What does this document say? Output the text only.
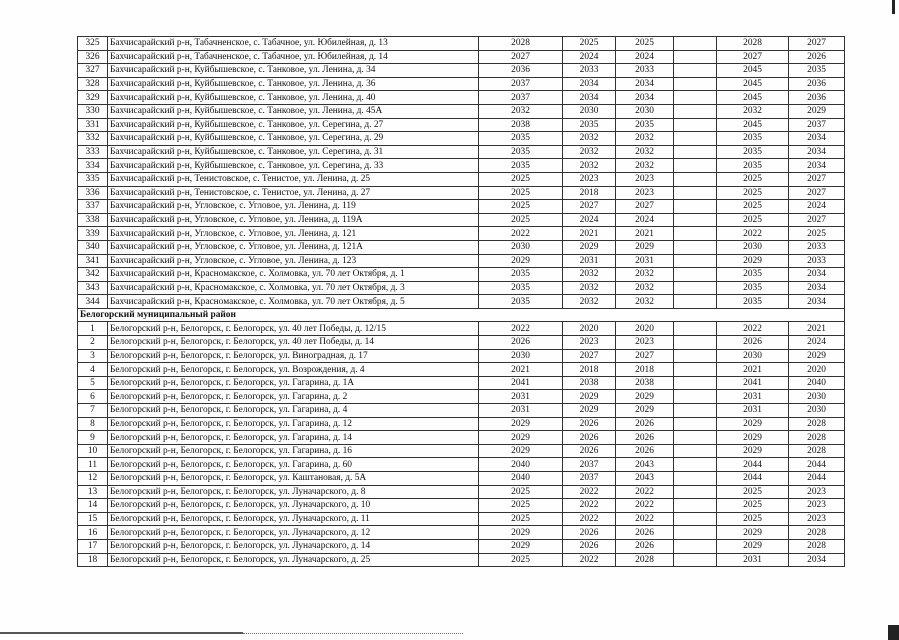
325	Бахчисарайский р-н, Табачненское, с. Табачное, ул. Юбилейная, д. 13	2028	2025	2025		2028	2027
326	Бахчисарайский р-н, Табачненское, с. Табачное, ул. Юбилейная, д. 14	2027	2024	2024		2027	2026
327	Бахчисарайский р-н, Куйбышевское, с. Танковое, ул. Ленина, д. 34	2036	2033	2033		2045	2035
328	Бахчисарайский р-н, Куйбышевское, с. Танковое, ул. Ленина, д. 36	2037	2034	2034		2045	2036
329	Бахчисарайский р-н, Куйбышевское, с. Танковое, ул. Ленина, д. 40	2037	2034	2034		2045	2036
330	Бахчисарайский р-н, Куйбышевское, с. Танковое, ул. Ленина, д. 45А	2032	2030	2030		2032	2029
331	Бахчисарайский р-н, Куйбышевское, с. Танковое, ул. Серегина, д. 27	2038	2035	2035		2045	2037
332	Бахчисарайский р-н, Куйбышевское, с. Танковое, ул. Серегина, д. 29	2035	2032	2032		2035	2034
333	Бахчисарайский р-н, Куйбышевское, с. Танковое, ул. Серегина, д. 31	2035	2032	2032		2035	2034
334	Бахчисарайский р-н, Куйбышевское, с. Танковое, ул. Серегина, д. 33	2035	2032	2032		2035	2034
335	Бахчисарайский р-н, Тенистовское, с. Тенистое, ул. Ленина, д. 25	2025	2023	2023		2025	2027
336	Бахчисарайский р-н, Тенистовское, с. Тенистое, ул. Ленина, д. 27	2025	2018	2023		2025	2027
337	Бахчисарайский р-н, Угловское, с. Угловое, ул. Ленина, д. 119	2025	2027	2027		2025	2024
338	Бахчисарайский р-н, Угловское, с. Угловое, ул. Ленина, д. 119А	2025	2024	2024		2025	2027
339	Бахчисарайский р-н, Угловское, с. Угловое, ул. Ленина, д. 121	2022	2021	2021		2022	2025
340	Бахчисарайский р-н, Угловское, с. Угловое, ул. Ленина, д. 121А	2030	2029	2029		2030	2033
341	Бахчисарайский р-н, Угловское, с. Угловое, ул. Ленина, д. 123	2029	2031	2031		2029	2033
342	Бахчисарайский р-н, Красномакское, с. Холмовка, ул. 70 лет Октября, д. 1	2035	2032	2032		2035	2034
343	Бахчисарайский р-н, Красномакское, с. Холмовка, ул. 70 лет Октября, д. 3	2035	2032	2032		2035	2034
344	Бахчисарайский р-н, Красномакское, с. Холмовка, ул. 70 лет Октября, д. 5	2035	2032	2032		2035	2034
Белогорский муниципальный район							
1	Белогорский р-н, Белогорск, г. Белогорск, ул. 40 лет Победы, д. 12/15	2022	2020	2020		2022	2021
2	Белогорский р-н, Белогорск, г. Белогорск, ул. 40 лет Победы, д. 14	2026	2023	2023		2026	2024
3	Белогорский р-н, Белогорск, г. Белогорск, ул. Виноградная, д. 17	2030	2027	2027		2030	2029
4	Белогорский р-н, Белогорск, г. Белогорск, ул. Возрождения, д. 4	2021	2018	2018		2021	2020
5	Белогорский р-н, Белогорск, г. Белогорск, ул. Гагарина, д. 1А	2041	2038	2038		2041	2040
6	Белогорский р-н, Белогорск, г. Белогорск, ул. Гагарина, д. 2	2031	2029	2029		2031	2030
7	Белогорский р-н, Белогорск, г. Белогорск, ул. Гагарина, д. 4	2031	2029	2029		2031	2030
8	Белогорский р-н, Белогорск, г. Белогорск, ул. Гагарина, д. 12	2029	2026	2026		2029	2028
9	Белогорский р-н, Белогорск, г. Белогорск, ул. Гагарина, д. 14	2029	2026	2026		2029	2028
10	Белогорский р-н, Белогорск, г. Белогорск, ул. Гагарина, д. 16	2029	2026	2026		2029	2028
11	Белогорский р-н, Белогорск, г. Белогорск, ул. Гагарина, д. 60	2040	2037	2043		2044	2044
12	Белогорский р-н, Белогорск, г. Белогорск, ул. Каштановая, д. 5А	2040	2037	2043		2044	2044
13	Белогорский р-н, Белогорск, г. Белогорск, ул. Луначарского, д. 8	2025	2022	2022		2025	2023
14	Белогорский р-н, Белогорск, г. Белогорск, ул. Луначарского, д. 10	2025	2022	2022		2025	2023
15	Белогорский р-н, Белогорск, г. Белогорск, ул. Луначарского, д. 11	2025	2022	2022		2025	2023
16	Белогорский р-н, Белогорск, г. Белогорск, ул. Луначарского, д. 12	2029	2026	2026		2029	2028
17	Белогорский р-н, Белогорск, г. Белогорск, ул. Луначарского, д. 14	2029	2026	2026		2029	2028
18	Белогорский р-н, Белогорск, г. Белогорск, ул. Луначарского, д. 25	2025	2022	2028		2031	2034
